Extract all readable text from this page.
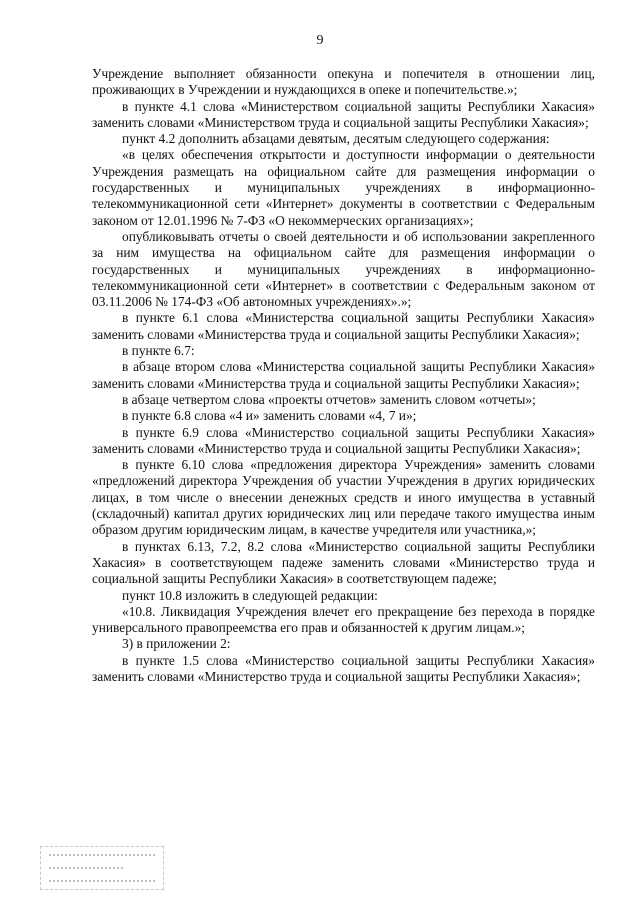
9

Учреждение выполняет обязанности опекуна и попечителя в отношении лиц, проживающих в Учреждении и нуждающихся в опеке и попечительстве.»;

в пункте 4.1 слова «Министерством социальной защиты Республики Хакасия» заменить словами «Министерством труда и социальной защиты Республики Хакасия»;

пункт 4.2 дополнить абзацами девятым, десятым следующего содержания:

«в целях обеспечения открытости и доступности информации о деятельности Учреждения размещать на официальном сайте для размещения информации о государственных и муниципальных учреждениях в информационно-телекоммуникационной сети «Интернет» документы в соответствии с Федеральным законом от 12.01.1996 № 7-ФЗ «О некоммерческих организациях»;

опубликовывать отчеты о своей деятельности и об использовании закрепленного за ним имущества на официальном сайте для размещения информации о государственных и муниципальных учреждениях в информационно-телекоммуникационной сети «Интернет» в соответствии с Федеральным законом от 03.11.2006 № 174-ФЗ «Об автономных учреждениях».»;

в пункте 6.1 слова «Министерства социальной защиты Республики Хакасия» заменить словами «Министерства труда и социальной защиты Республики Хакасия»;

в пункте 6.7:

в абзаце втором слова «Министерства социальной защиты Республики Хакасия» заменить словами «Министерства труда и социальной защиты Республики Хакасия»;

в абзаце четвертом слова «проекты отчетов» заменить словом «отчеты»;

в пункте 6.8 слова «4 и» заменить словами «4, 7 и»;

в пункте 6.9 слова «Министерство социальной защиты Республики Хакасия» заменить словами «Министерство труда и социальной защиты Республики Хакасия»;

в пункте 6.10 слова «предложения директора Учреждения» заменить словами «предложений директора Учреждения об участии Учреждения в других юридических лицах, в том числе о внесении денежных средств и иного имущества в уставный (складочный) капитал других юридических лиц или передаче такого имущества иным образом другим юридическим лицам, в качестве учредителя или участника,»;

в пунктах 6.13, 7.2, 8.2 слова «Министерство социальной защиты Республики Хакасия» в соответствующем падеже заменить словами «Министерство труда и социальной защиты Республики Хакасия» в соответствующем падеже;

пункт 10.8 изложить в следующей редакции:

«10.8. Ликвидация Учреждения влечет его прекращение без перехода в порядке универсального правопреемства его прав и обязанностей к другим лицам.»;

3) в приложении 2:

в пункте 1.5 слова «Министерство социальной защиты Республики Хакасия» заменить словами «Министерство труда и социальной защиты Республики Хакасия»;
